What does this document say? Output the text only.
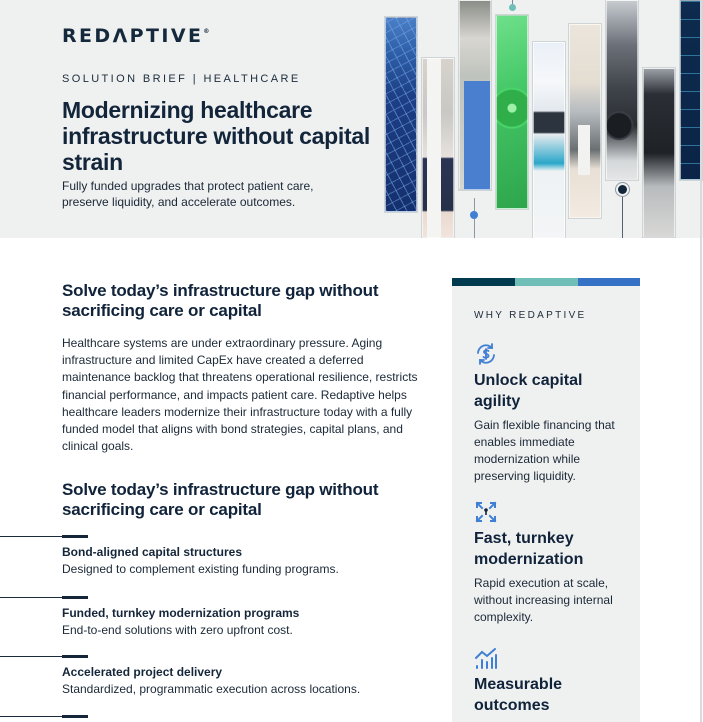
REDΛPTIVE®
SOLUTION BRIEF | HEALTHCARE
Modernizing healthcare infrastructure without capital strain

Fully funded upgrades that protect patient care, preserve liquidity, and accelerate outcomes.

Solve today’s infrastructure gap without sacrificing care or capital

Healthcare systems are under extraordinary pressure. Aging infrastructure and limited CapEx have created a deferred maintenance backlog that threatens operational resilience, restricts financial performance, and impacts patient care. Redaptive helps healthcare leaders modernize their infrastructure today with a fully funded model that aligns with bond strategies, capital plans, and clinical goals.

Solve today’s infrastructure gap without sacrificing care or capital
Bond-aligned capital structures
Designed to complement existing funding programs.
Funded, turnkey modernization programs
End-to-end solutions with zero upfront cost.
Accelerated project delivery
Standardized, programmatic execution across locations.
WHY REDAPTIVE
Unlock capital agility
Gain flexible financing that enables immediate modernization while preserving liquidity.
Fast, turnkey modernization
Rapid execution at scale, without increasing internal complexity.
Measurable outcomes
